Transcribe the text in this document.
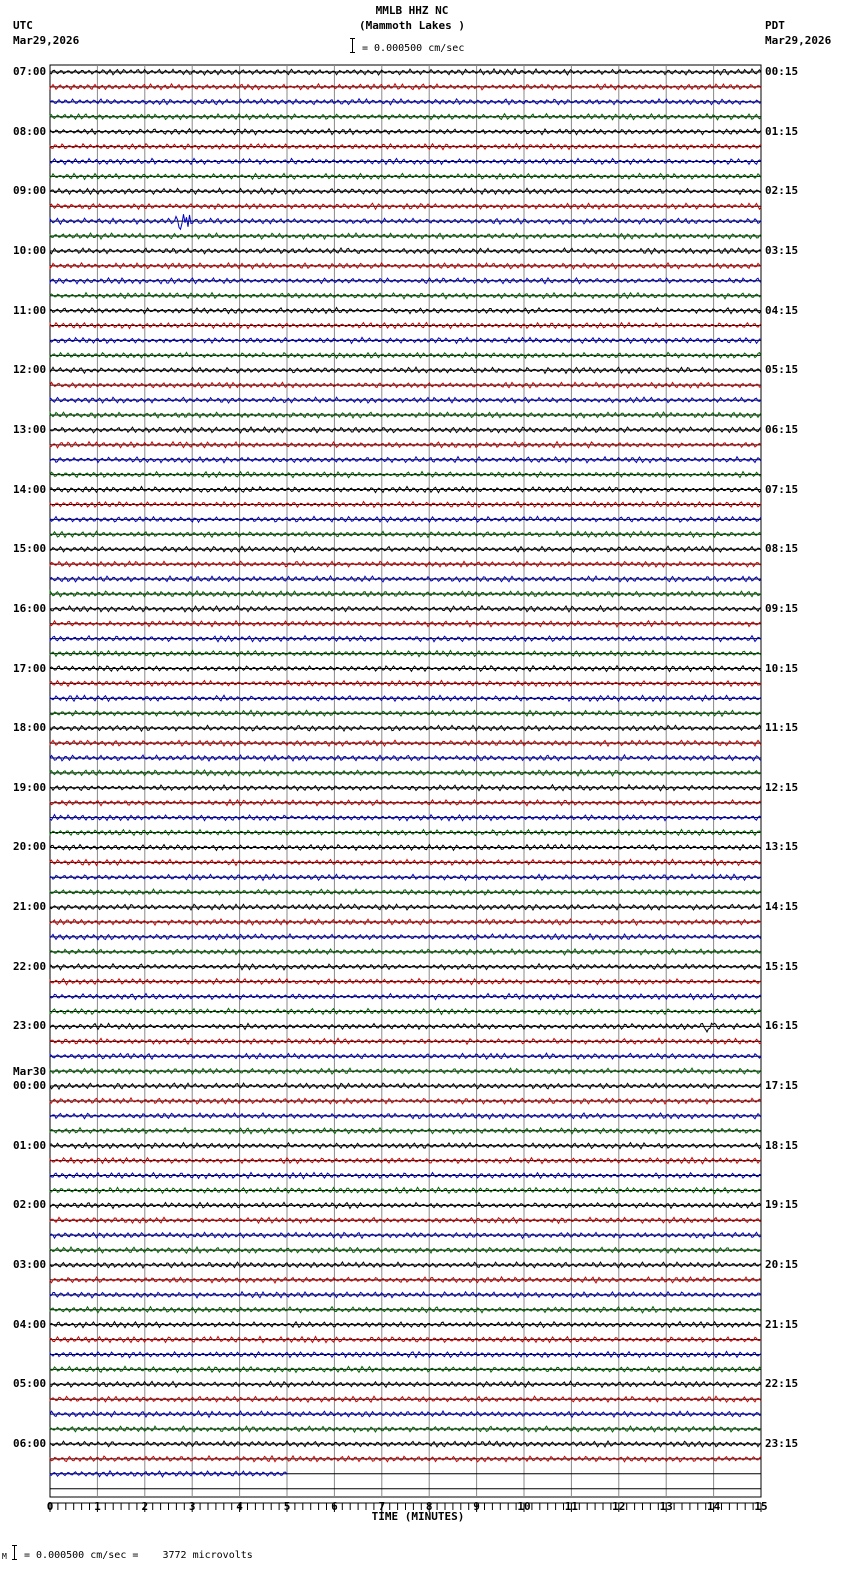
MMLB HHZ NC
(Mammoth Lakes )
UTC
Mar29,2026
PDT
Mar29,2026
= 0.000500 cm/sec
07:00
08:00
09:00
10:00
11:00
12:00
13:00
14:00
15:00
16:00
17:00
18:00
19:00
20:00
21:00
22:00
23:00
Mar30
00:00
01:00
02:00
03:00
04:00
05:00
06:00
00:15
01:15
02:15
03:15
04:15
05:15
06:15
07:15
08:15
09:15
10:15
11:15
12:15
13:15
14:15
15:15
16:15
17:15
18:15
19:15
20:15
21:15
22:15
23:15
0	1	2	3	4	5	6	7	8	9	10	11	12	13	14	15
TIME (MINUTES)
M = 0.000500 cm/sec =    3772 microvolts
